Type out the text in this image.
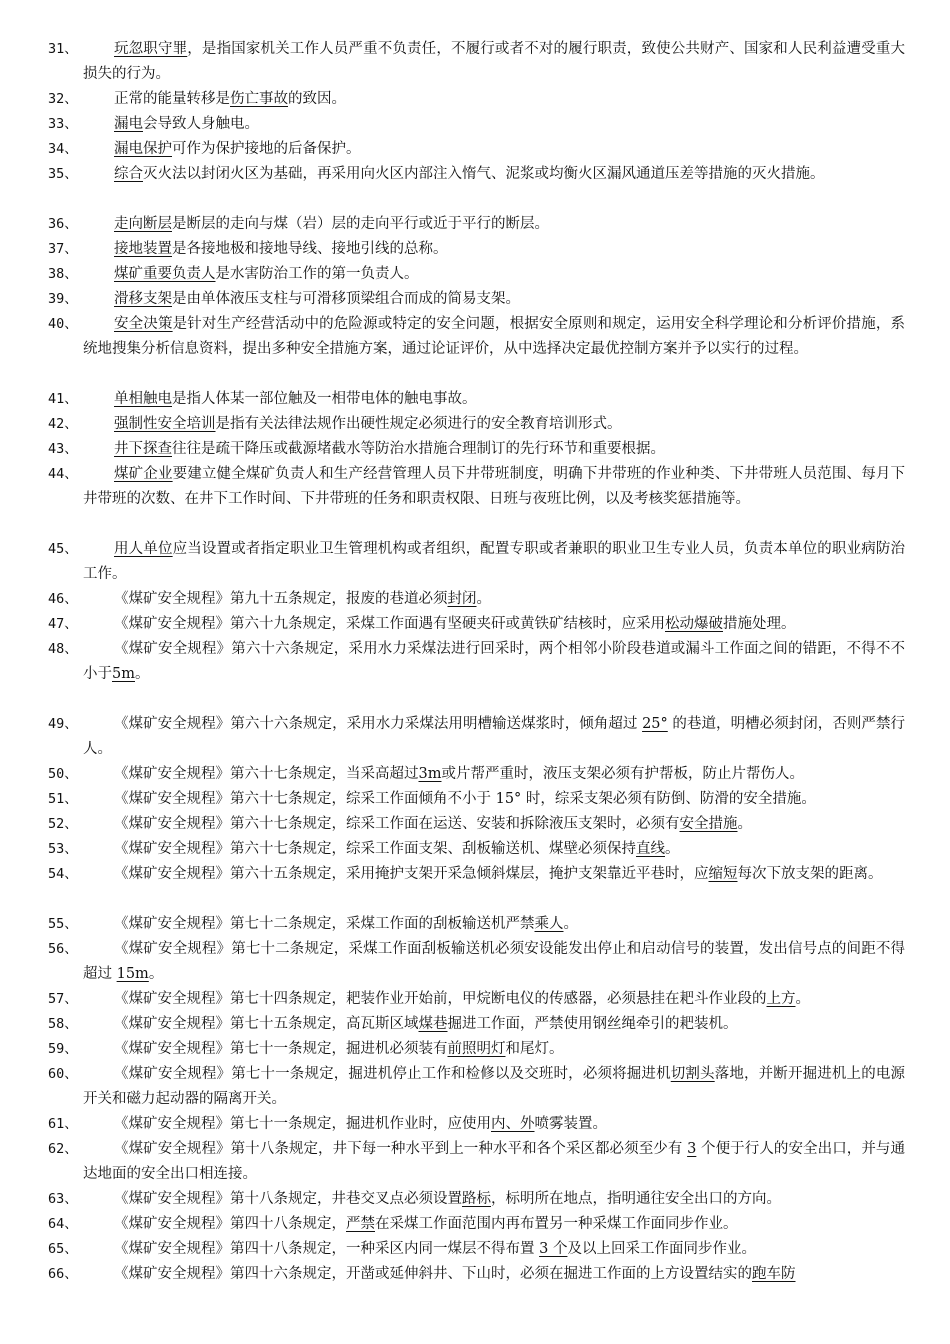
31、	玩忽职守罪，是指国家机关工作人员严重不负责任，不履行或者不对的履行职责，致使公共财产、国家和人民利益遭受重大损失的行为。
32、	正常的能量转移是伤亡事故的致因。
33、	漏电会导致人身触电。
34、	漏电保护可作为保护接地的后备保护。
35、	综合灭火法以封闭火区为基础，再采用向火区内部注入惰气、泥浆或均衡火区漏风通道压差等措施的灭火措施。
36、	走向断层是断层的走向与煤（岩）层的走向平行或近于平行的断层。
37、	接地装置是各接地极和接地导线、接地引线的总称。
38、	煤矿重要负责人是水害防治工作的第一负责人。
39、	滑移支架是由单体液压支柱与可滑移顶梁组合而成的简易支架。
40、	安全决策是针对生产经营活动中的危险源或特定的安全问题，根据安全原则和规定，运用安全科学理论和分析评价措施，系统地搜集分析信息资料，提出多种安全措施方案，通过论证评价，从中选择决定最优控制方案并予以实行的过程。
41、	单相触电是指人体某一部位触及一相带电体的触电事故。
42、	强制性安全培训是指有关法律法规作出硬性规定必须进行的安全教育培训形式。
43、	井下探查往往是疏干降压或截源堵截水等防治水措施合理制订的先行环节和重要根据。
44、	煤矿企业要建立健全煤矿负责人和生产经营管理人员下井带班制度，明确下井带班的作业种类、下井带班人员范围、每月下井带班的次数、在井下工作时间、下井带班的任务和职责权限、日班与夜班比例，以及考核奖惩措施等。
45、	用人单位应当设置或者指定职业卫生管理机构或者组织，配置专职或者兼职的职业卫生专业人员，负责本单位的职业病防治工作。
46、	《煤矿安全规程》第九十五条规定，报废的巷道必须封闭。
47、	《煤矿安全规程》第六十九条规定，采煤工作面遇有坚硬夹矸或黄铁矿结核时，应采用松动爆破措施处理。
48、	《煤矿安全规程》第六十六条规定，采用水力采煤法进行回采时，两个相邻小阶段巷道或漏斗工作面之间的错距，不得不不小于5m。
49、	《煤矿安全规程》第六十六条规定，采用水力采煤法用明槽输送煤浆时，倾角超过 25° 的巷道，明槽必须封闭，否则严禁行人。
50、	《煤矿安全规程》第六十七条规定，当采高超过3m或片帮严重时，液压支架必须有护帮板，防止片帮伤人。
51、	《煤矿安全规程》第六十七条规定，综采工作面倾角不小于 15° 时，综采支架必须有防倒、防滑的安全措施。
52、	《煤矿安全规程》第六十七条规定，综采工作面在运送、安装和拆除液压支架时，必须有安全措施。
53、	《煤矿安全规程》第六十七条规定，综采工作面支架、刮板输送机、煤壁必须保持直线。
54、	《煤矿安全规程》第六十五条规定，采用掩护支架开采急倾斜煤层，掩护支架靠近平巷时，应缩短每次下放支架的距离。
55、	《煤矿安全规程》第七十二条规定，采煤工作面的刮板输送机严禁乘人。
56、	《煤矿安全规程》第七十二条规定，采煤工作面刮板输送机必须安设能发出停止和启动信号的装置，发出信号点的间距不得超过 15m。
57、	《煤矿安全规程》第七十四条规定，耙装作业开始前，甲烷断电仪的传感器，必须悬挂在耙斗作业段的上方。
58、	《煤矿安全规程》第七十五条规定，高瓦斯区域煤巷掘进工作面，严禁使用钢丝绳牵引的耙装机。
59、	《煤矿安全规程》第七十一条规定，掘进机必须装有前照明灯和尾灯。
60、	《煤矿安全规程》第七十一条规定，掘进机停止工作和检修以及交班时，必须将掘进机切割头落地，并断开掘进机上的电源开关和磁力起动器的隔离开关。
61、	《煤矿安全规程》第七十一条规定，掘进机作业时，应使用内、外喷雾装置。
62、	《煤矿安全规程》第十八条规定，井下每一种水平到上一种水平和各个采区都必须至少有 3 个便于行人的安全出口，并与通达地面的安全出口相连接。
63、	《煤矿安全规程》第十八条规定，井巷交叉点必须设置路标，标明所在地点，指明通往安全出口的方向。
64、	《煤矿安全规程》第四十八条规定，严禁在采煤工作面范围内再布置另一种采煤工作面同步作业。
65、	《煤矿安全规程》第四十八条规定，一种采区内同一煤层不得布置 3 个及以上回采工作面同步作业。
66、	《煤矿安全规程》第四十六条规定，开凿或延伸斜井、下山时，必须在掘进工作面的上方设置结实的跑车防
